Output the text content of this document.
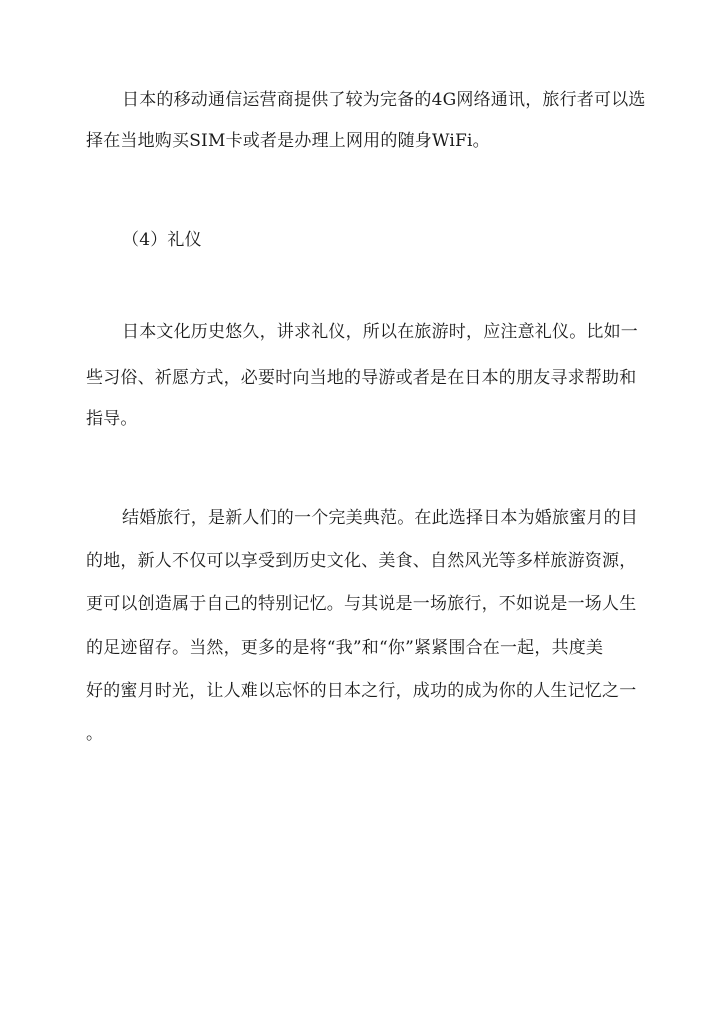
日本的移动通信运营商提供了较为完备的4G网络通讯，旅行者可以选
择在当地购买SIM卡或者是办理上网用的随身WiFi。
（4）礼仪
日本文化历史悠久，讲求礼仪，所以在旅游时，应注意礼仪。比如一
些习俗、祈愿方式，必要时向当地的导游或者是在日本的朋友寻求帮助和
指导。
结婚旅行，是新人们的一个完美典范。在此选择日本为婚旅蜜月的目
的地，新人不仅可以享受到历史文化、美食、自然风光等多样旅游资源，
更可以创造属于自己的特别记忆。与其说是一场旅行，不如说是一场人生
的足迹留存。当然，更多的是将“我”和“你”紧紧围合在一起，共度美
好的蜜月时光，让人难以忘怀的日本之行，成功的成为你的人生记忆之一
。
